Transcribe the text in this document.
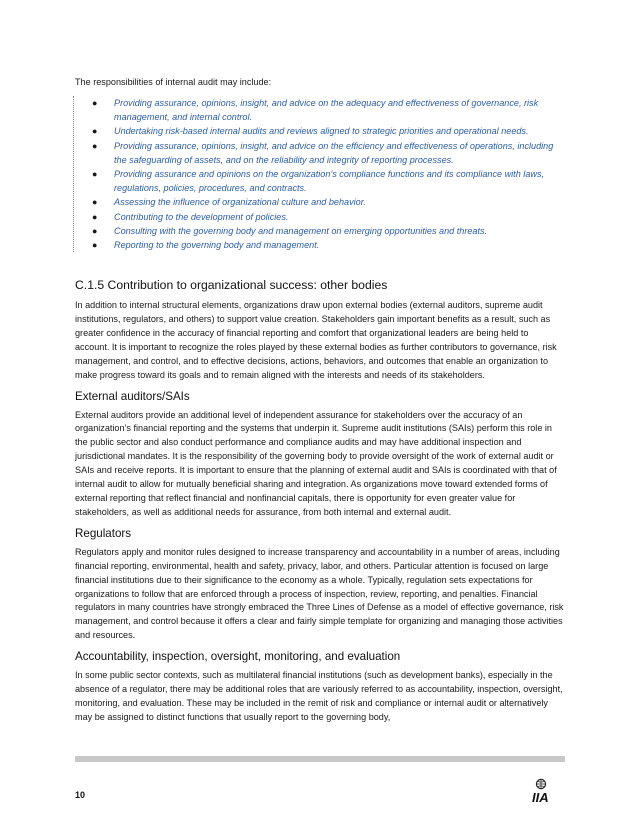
The responsibilities of internal audit may include:

● Providing assurance, opinions, insight, and advice on the adequacy and effectiveness of governance, risk management, and internal control.
● Undertaking risk-based internal audits and reviews aligned to strategic priorities and operational needs.
● Providing assurance, opinions, insight, and advice on the efficiency and effectiveness of operations, including the safeguarding of assets, and on the reliability and integrity of reporting processes.
● Providing assurance and opinions on the organization’s compliance functions and its compliance with laws, regulations, policies, procedures, and contracts.
● Assessing the influence of organizational culture and behavior.
● Contributing to the development of policies.
● Consulting with the governing body and management on emerging opportunities and threats.
● Reporting to the governing body and management.
C.1.5 Contribution to organizational success: other bodies

In addition to internal structural elements, organizations draw upon external bodies (external auditors, supreme audit institutions, regulators, and others) to support value creation. Stakeholders gain important benefits as a result, such as greater confidence in the accuracy of financial reporting and comfort that organizational leaders are being held to account. It is important to recognize the roles played by these external bodies as further contributors to governance, risk management, and control, and to effective decisions, actions, behaviors, and outcomes that enable an organization to make progress toward its goals and to remain aligned with the interests and needs of its stakeholders.

External auditors/SAIs

External auditors provide an additional level of independent assurance for stakeholders over the accuracy of an organization’s financial reporting and the systems that underpin it. Supreme audit institutions (SAIs) perform this role in the public sector and also conduct performance and compliance audits and may have additional inspection and jurisdictional mandates. It is the responsibility of the governing body to provide oversight of the work of external audit or SAIs and receive reports. It is important to ensure that the planning of external audit and SAIs is coordinated with that of internal audit to allow for mutually beneficial sharing and integration. As organizations move toward extended forms of external reporting that reflect financial and nonfinancial capitals, there is opportunity for even greater value for stakeholders, as well as additional needs for assurance, from both internal and external audit.

Regulators

Regulators apply and monitor rules designed to increase transparency and accountability in a number of areas, including financial reporting, environmental, health and safety, privacy, labor, and others. Particular attention is focused on large financial institutions due to their significance to the economy as a whole. Typically, regulation sets expectations for organizations to follow that are enforced through a process of inspection, review, reporting, and penalties. Financial regulators in many countries have strongly embraced the Three Lines of Defense as a model of effective governance, risk management, and control because it offers a clear and fairly simple template for organizing and managing those activities and resources.

Accountability, inspection, oversight, monitoring, and evaluation

In some public sector contexts, such as multilateral financial institutions (such as development banks), especially in the absence of a regulator, there may be additional roles that are variously referred to as accountability, inspection, oversight, monitoring, and evaluation. These may be included in the remit of risk and compliance or internal audit or alternatively may be assigned to distinct functions that usually report to the governing body,

10	IIA
